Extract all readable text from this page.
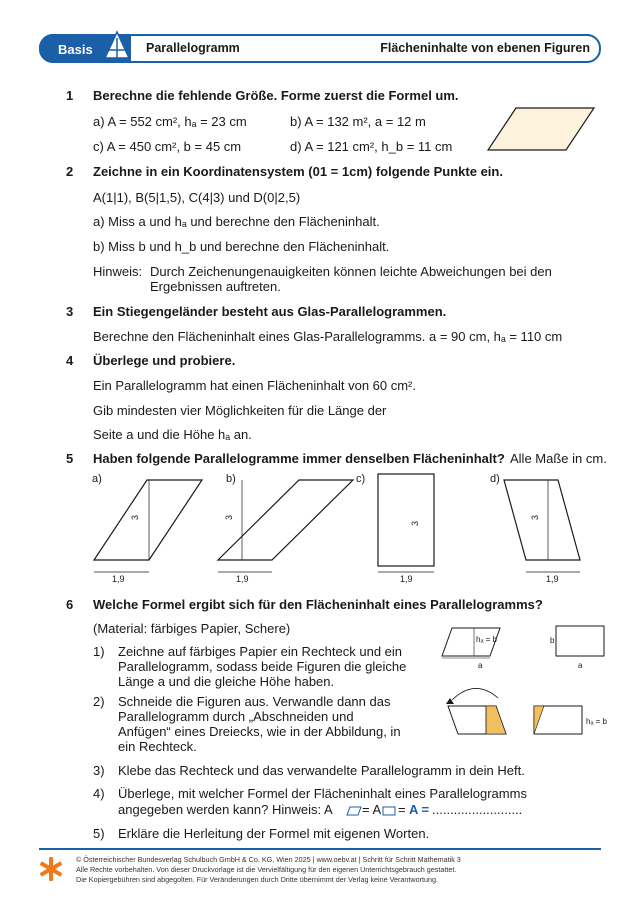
Basis	Parallelogramm	Flächeninhalte von ebenen Figuren
1 Berechne die fehlende Größe. Forme zuerst die Formel um.
a) A = 552 cm², hₐ = 23 cm	b) A = 132 m², a = 12 m
c) A = 450 cm², b = 45 cm	d) A = 121 cm², h_b = 11 cm
2 Zeichne in ein Koordinatensystem (01 = 1cm) folgende Punkte ein.
A(1|1), B(5|1,5), C(4|3) und D(0|2,5)
a) Miss a und hₐ und berechne den Flächeninhalt.
b) Miss b und h_b und berechne den Flächeninhalt.
Hinweis: Durch Zeichenungenauigkeiten können leichte Abweichungen bei den
Ergebnissen auftreten.
3 Ein Stiegengeländer besteht aus Glas-Parallelogrammen.
Berechne den Flächeninhalt eines Glas-Parallelogramms. a = 90 cm, hₐ = 110 cm
4 Überlege und probiere.
Ein Parallelogramm hat einen Flächeninhalt von 60 cm².
Gib mindesten vier Möglichkeiten für die Länge der
Seite a und die Höhe hₐ an.
5 Haben folgende Parallelogramme immer denselben Flächeninhalt? Alle Maße in cm.
a)
3
1,9
b)
3
1,9
c)
3
1,9
d)
3
1,9
6 Welche Formel ergibt sich für den Flächeninhalt eines Parallelogramms?
(Material: färbiges Papier, Schere)
1) Zeichne auf färbiges Papier ein Rechteck und ein
Parallelogramm, sodass beide Figuren die gleiche
Länge a und die gleiche Höhe haben.
2) Schneide die Figuren aus. Verwandle dann das
Parallelogramm durch „Abschneiden und
Anfügen“ eines Dreiecks, wie in der Abbildung, in
ein Rechteck.
3) Klebe das Rechteck und das verwandelte Parallelogramm in dein Heft.
4) Überlege, mit welcher Formel der Flächeninhalt eines Parallelogramms
angegeben werden kann? Hinweis: A = A = A = .........................
5) Erkläre die Herleitung der Formel mit eigenen Worten.
hₐ = b
a
b
a
hₐ = b
© Österreichischer Bundesverlag Schulbuch GmbH & Co. KG, Wien 2025 | www.oebv.at | Schritt für Schritt Mathematik 3
Alle Rechte vorbehalten. Von dieser Druckvorlage ist die Vervielfältigung für den eigenen Unterrichtsgebrauch gestattet.
Die Kopiergebühren sind abgegolten. Für Veränderungen durch Dritte übernimmt der Verlag keine Verantwortung.
